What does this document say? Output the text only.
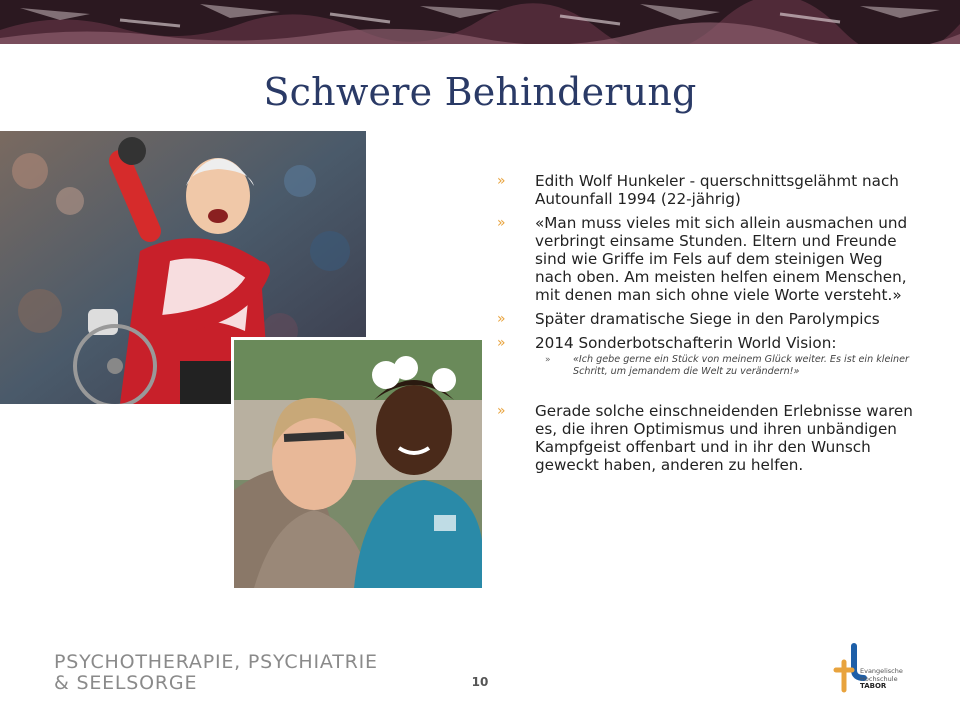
Schwere Behinderung
» Edith Wolf Hunkeler - querschnittsgelähmt nach Autounfall 1994 (22-jährig)
» «Man muss vieles mit sich allein ausmachen und verbringt einsame Stunden. Eltern und Freunde sind wie Griffe im Fels auf dem steinigen Weg nach oben. Am meisten helfen einem Menschen, mit denen man sich ohne viele Worte versteht.»
» Später dramatische Siege in den Parolympics
» 2014 Sonderbotschafterin World Vision:
» «Ich gebe gerne ein Stück von meinem Glück weiter. Es ist ein kleiner Schritt, um jemandem die Welt zu verändern!»
» Gerade solche einschneidenden Erlebnisse waren es, die ihren Optimismus und ihren unbändigen Kampfgeist offenbart und in ihr den Wunsch geweckt haben, anderen zu helfen.
PSYCHOTHERAPIE, PSYCHIATRIE
& SEELSORGE	10
Evangelische
Hochschule
TABOR
